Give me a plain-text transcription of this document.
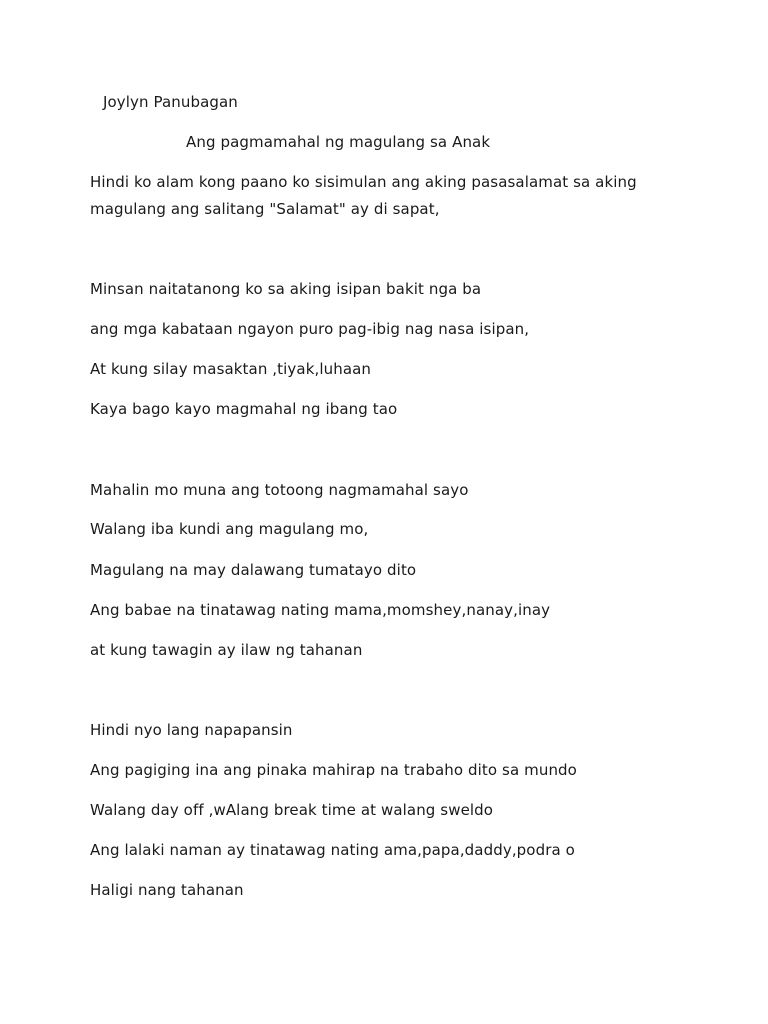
Joylyn Panubagan
Ang pagmamahal ng magulang sa Anak
Hindi ko alam kong paano ko sisimulan ang aking pasasalamat sa aking
magulang ang salitang "Salamat" ay di sapat,
Minsan naitatanong ko sa aking isipan bakit nga ba
ang mga kabataan ngayon puro pag-ibig nag nasa isipan,
At kung silay masaktan ,tiyak,luhaan
Kaya bago kayo magmahal ng ibang tao
Mahalin mo muna ang totoong nagmamahal sayo
Walang iba kundi ang magulang mo,
Magulang na may dalawang tumatayo dito
Ang babae na tinatawag nating mama,momshey,nanay,inay
at kung tawagin ay ilaw ng tahanan
Hindi nyo lang napapansin
Ang pagiging ina ang pinaka mahirap na trabaho dito sa mundo
Walang day off ,wAlang break time at walang sweldo
Ang lalaki naman ay tinatawag nating ama,papa,daddy,podra o
Haligi nang tahanan
